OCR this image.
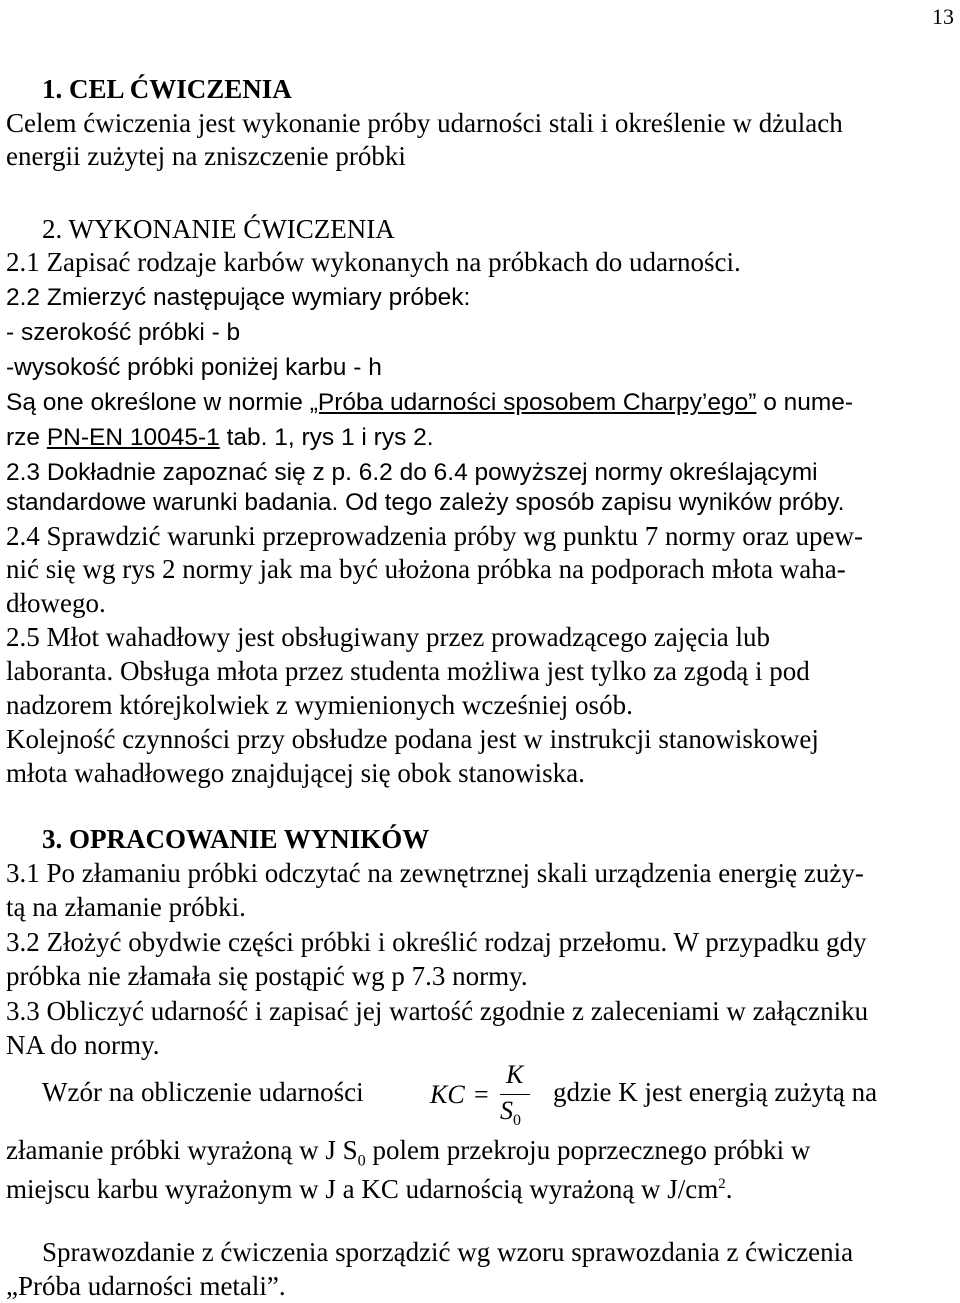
13
1. CEL ĆWICZENIA
Celem ćwiczenia jest wykonanie próby udarności stali i określenie w dżulach
energii zużytej na zniszczenie próbki
2. WYKONANIE ĆWICZENIA
2.1 Zapisać rodzaje karbów wykonanych na próbkach do udarności.
2.2 Zmierzyć następujące wymiary próbek:
- szerokość próbki - b
-wysokość próbki poniżej karbu - h
Są one określone w normie „Próba udarności sposobem Charpy’ego” o nume-
rze PN-EN 10045-1 tab. 1, rys 1 i rys 2.
2.3 Dokładnie zapoznać się z p. 6.2 do 6.4 powyższej normy określającymi
standardowe warunki badania. Od tego zależy sposób zapisu wyników próby.
2.4 Sprawdzić warunki przeprowadzenia próby wg punktu 7 normy oraz upew-
nić się wg rys 2 normy jak ma być ułożona próbka na podporach młota waha-
dłowego.
2.5 Młot wahadłowy jest obsługiwany przez prowadzącego zajęcia lub
laboranta. Obsługa młota przez studenta możliwa jest tylko za zgodą i pod
nadzorem którejkolwiek z wymienionych wcześniej osób.
Kolejność czynności przy obsłudze podana jest w instrukcji stanowiskowej
młota wahadłowego znajdującej się obok stanowiska.
3. OPRACOWANIE WYNIKÓW
3.1 Po złamaniu próbki odczytać na zewnętrznej skali urządzenia energię zuży-
tą na złamanie próbki.
3.2 Złożyć obydwie części próbki i określić rodzaj przełomu. W przypadku gdy
próbka nie złamała się postąpić wg p 7.3 normy.
3.3 Obliczyć udarność i zapisać jej wartość zgodnie z zaleceniami w załączniku
NA do normy.
Wzór na obliczenie udarności	KC =
K
$S_0$
gdzie K jest energią zużytą na
złamanie próbki wyrażoną w J $S_0$ polem przekroju poprzecznego próbki w
miejscu karbu wyrażonym w J a KC udarnością wyrażoną w $J/cm^2$.
Sprawozdanie z ćwiczenia sporządzić wg wzoru sprawozdania z ćwiczenia
„Próba udarności metali”.
